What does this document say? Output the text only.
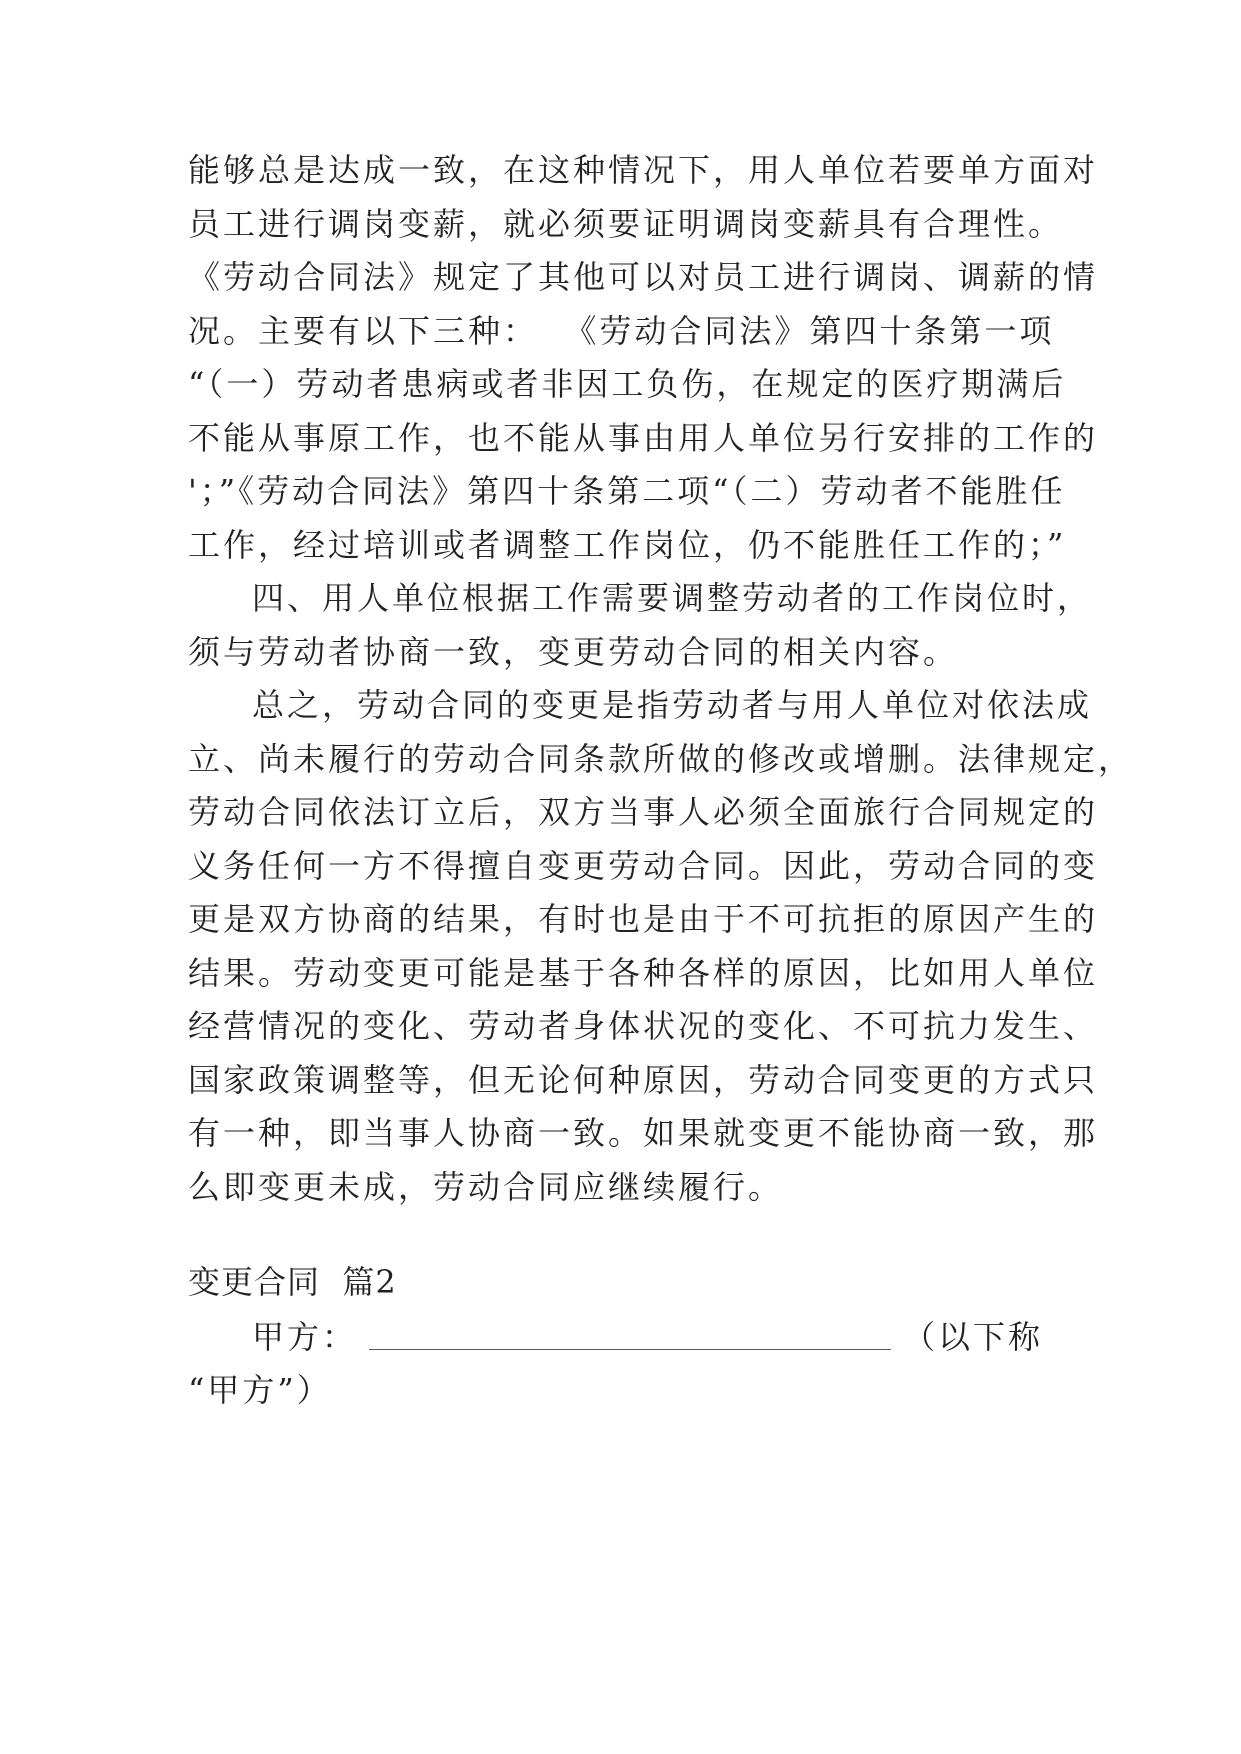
能够总是达成一致，在这种情况下，用人单位若要单方面对
员工进行调岗变薪，就必须要证明调岗变薪具有合理性。
《劳动合同法》规定了其他可以对员工进行调岗、调薪的情
况。主要有以下三种：  《劳动合同法》第四十条第一项
“（一）劳动者患病或者非因工负伤，在规定的医疗期满后
不能从事原工作，也不能从事由用人单位另行安排的工作的
'；”《劳动合同法》第四十条第二项“（二）劳动者不能胜任
工作，经过培训或者调整工作岗位，仍不能胜任工作的；”
四、用人单位根据工作需要调整劳动者的工作岗位时，
须与劳动者协商一致，变更劳动合同的相关内容。
总之，劳动合同的变更是指劳动者与用人单位对依法成
立、尚未履行的劳动合同条款所做的修改或增删。法律规定，
劳动合同依法订立后，双方当事人必须全面旅行合同规定的
义务任何一方不得擅自变更劳动合同。因此，劳动合同的变
更是双方协商的结果，有时也是由于不可抗拒的原因产生的
结果。劳动变更可能是基于各种各样的原因，比如用人单位
经营情况的变化、劳动者身体状况的变化、不可抗力发生、
国家政策调整等，但无论何种原因，劳动合同变更的方式只
有一种，即当事人协商一致。如果就变更不能协商一致，那
么即变更未成，劳动合同应继续履行。
变更合同  篇2
甲方：	（以下称
“甲方”）
